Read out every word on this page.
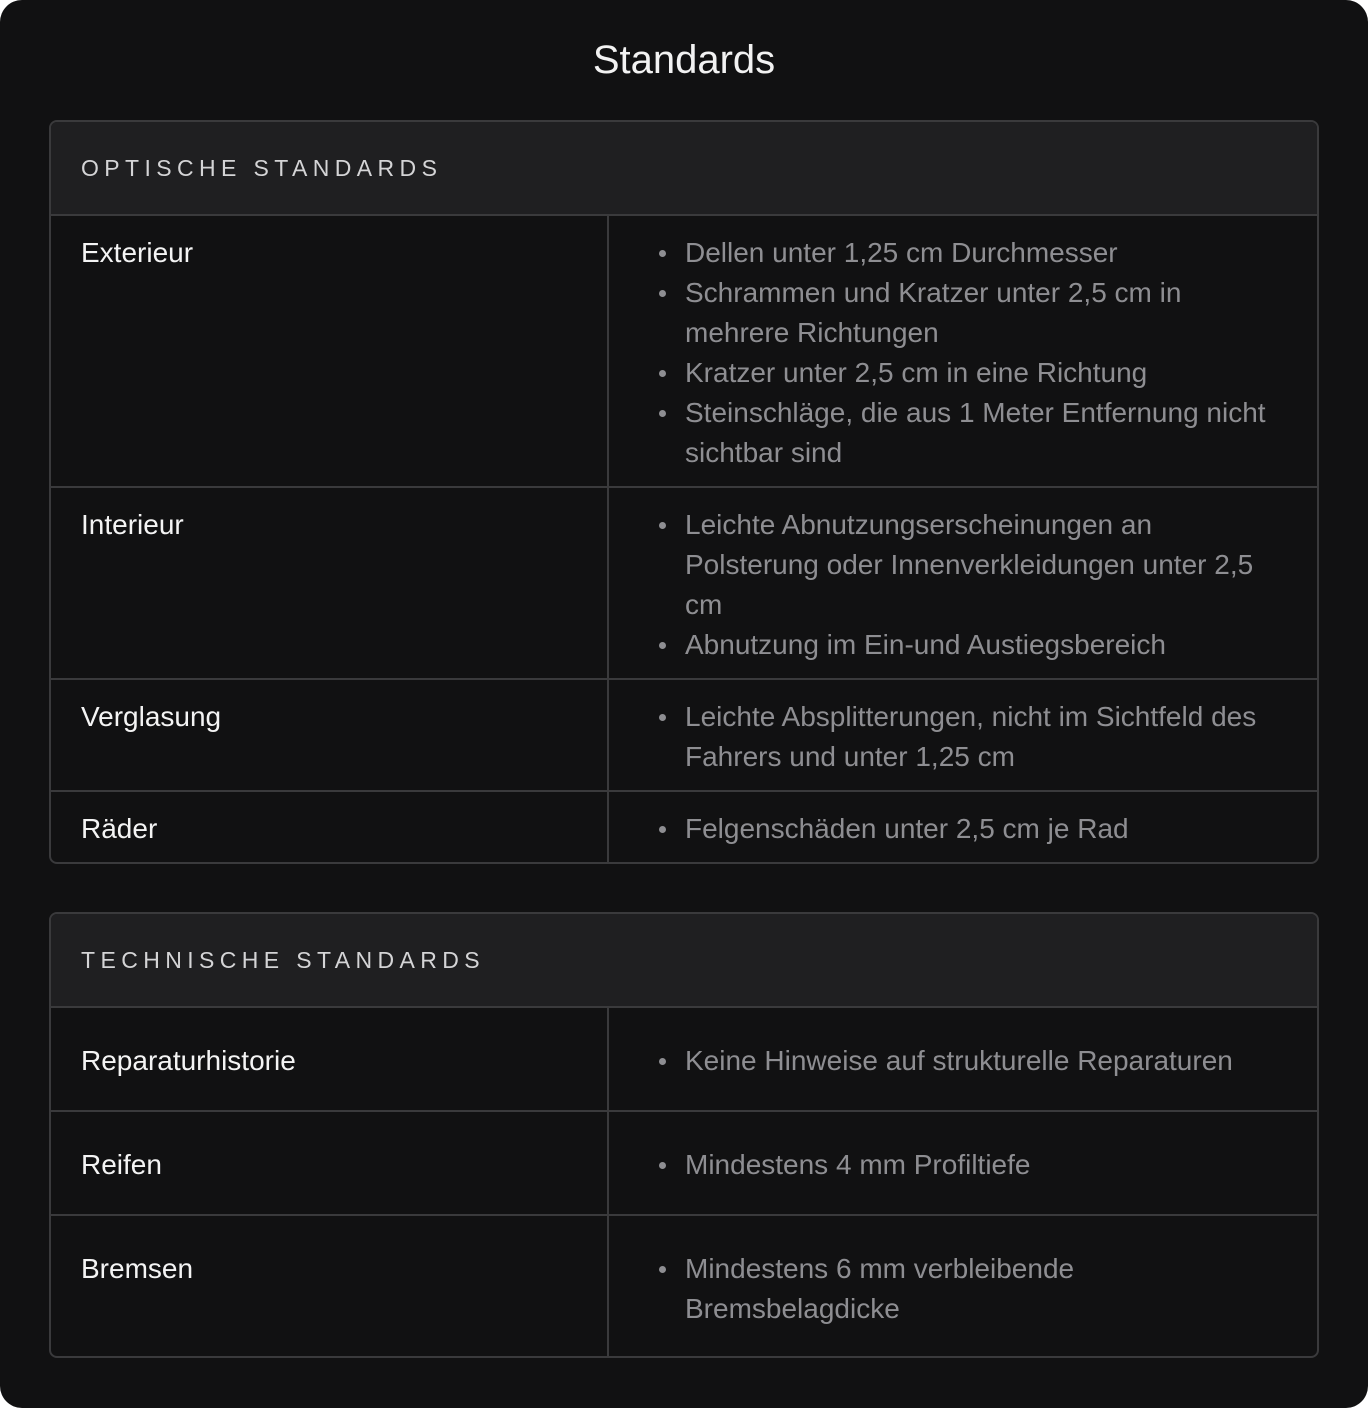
Standards
OPTISCHE STANDARDS
Exterieur	Dellen unter 1,25 cm Durchmesser
Schrammen und Kratzer unter 2,5 cm in mehrere Richtungen
Kratzer unter 2,5 cm in eine Richtung
Steinschläge, die aus 1 Meter Entfernung nicht sichtbar sind
Interieur	Leichte Abnutzungserscheinungen an Polsterung oder Innenverkleidungen unter 2,5 cm
Abnutzung im Ein-und Austiegsbereich
Verglasung	Leichte Absplitterungen, nicht im Sichtfeld des Fahrers und unter 1,25 cm
Räder	Felgenschäden unter 2,5 cm je Rad
TECHNISCHE STANDARDS
Reparaturhistorie	Keine Hinweise auf strukturelle Reparaturen
Reifen	Mindestens 4 mm Profiltiefe
Bremsen	Mindestens 6 mm verbleibende Bremsbelagdicke
